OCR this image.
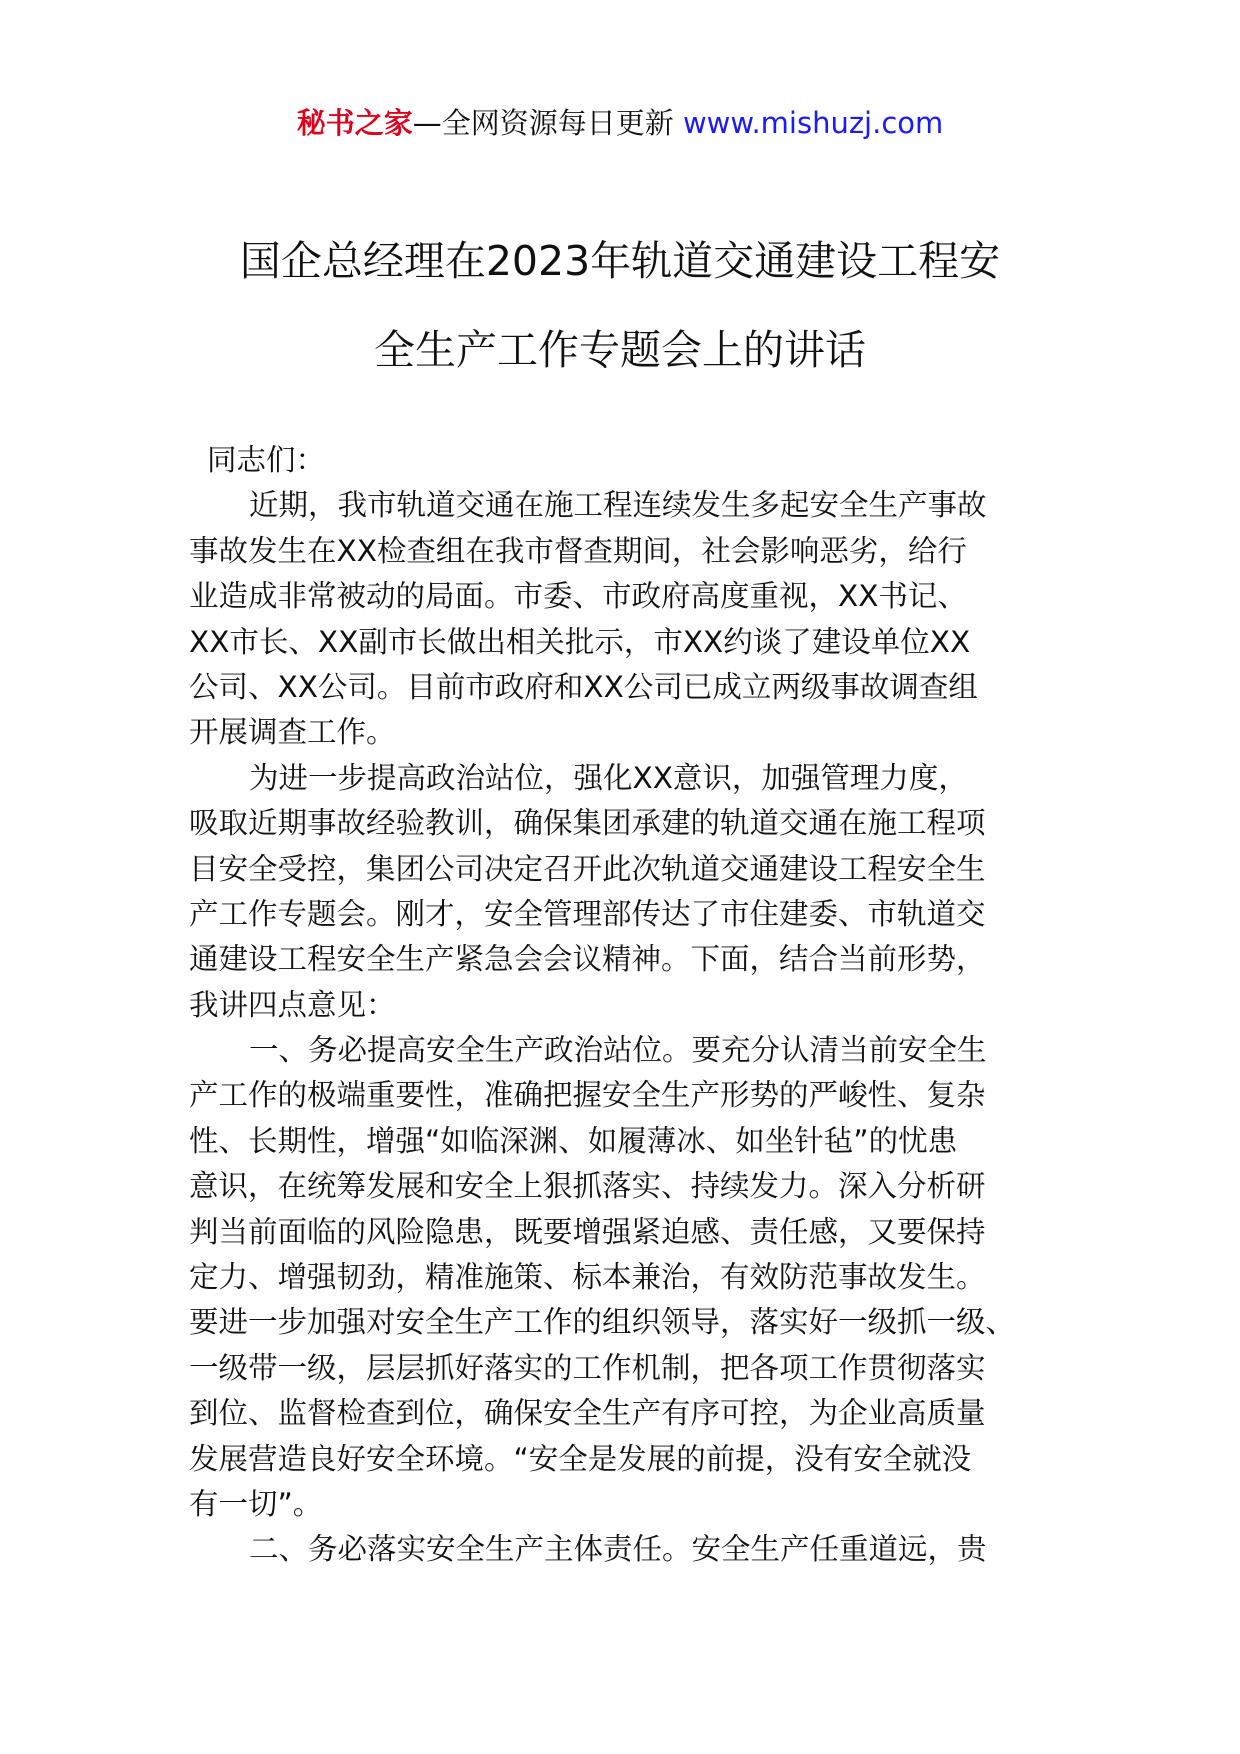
秘书之家—全网资源每日更新 www.mishuzj.com
国企总经理在2023年轨道交通建设工程安
全生产工作专题会上的讲话
同志们：
近期，我市轨道交通在施工程连续发生多起安全生产事故
事故发生在XX检查组在我市督查期间，社会影响恶劣，给行
业造成非常被动的局面。市委、市政府高度重视，XX书记、
XX市长、XX副市长做出相关批示，市XX约谈了建设单位XX
公司、XX公司。目前市政府和XX公司已成立两级事故调查组
开展调查工作。
为进一步提高政治站位，强化XX意识，加强管理力度，
吸取近期事故经验教训，确保集团承建的轨道交通在施工程项
目安全受控，集团公司决定召开此次轨道交通建设工程安全生
产工作专题会。刚才，安全管理部传达了市住建委、市轨道交
通建设工程安全生产紧急会会议精神。下面，结合当前形势，
我讲四点意见：
一、务必提高安全生产政治站位。要充分认清当前安全生
产工作的极端重要性，准确把握安全生产形势的严峻性、复杂
性、长期性，增强“如临深渊、如履薄冰、如坐针毡”的忧患
意识，在统筹发展和安全上狠抓落实、持续发力。深入分析研
判当前面临的风险隐患，既要增强紧迫感、责任感，又要保持
定力、增强韧劲，精准施策、标本兼治，有效防范事故发生。
要进一步加强对安全生产工作的组织领导，落实好一级抓一级、
一级带一级，层层抓好落实的工作机制，把各项工作贯彻落实
到位、监督检查到位，确保安全生产有序可控，为企业高质量
发展营造良好安全环境。“安全是发展的前提，没有安全就没
有一切”。
二、务必落实安全生产主体责任。安全生产任重道远，贵
